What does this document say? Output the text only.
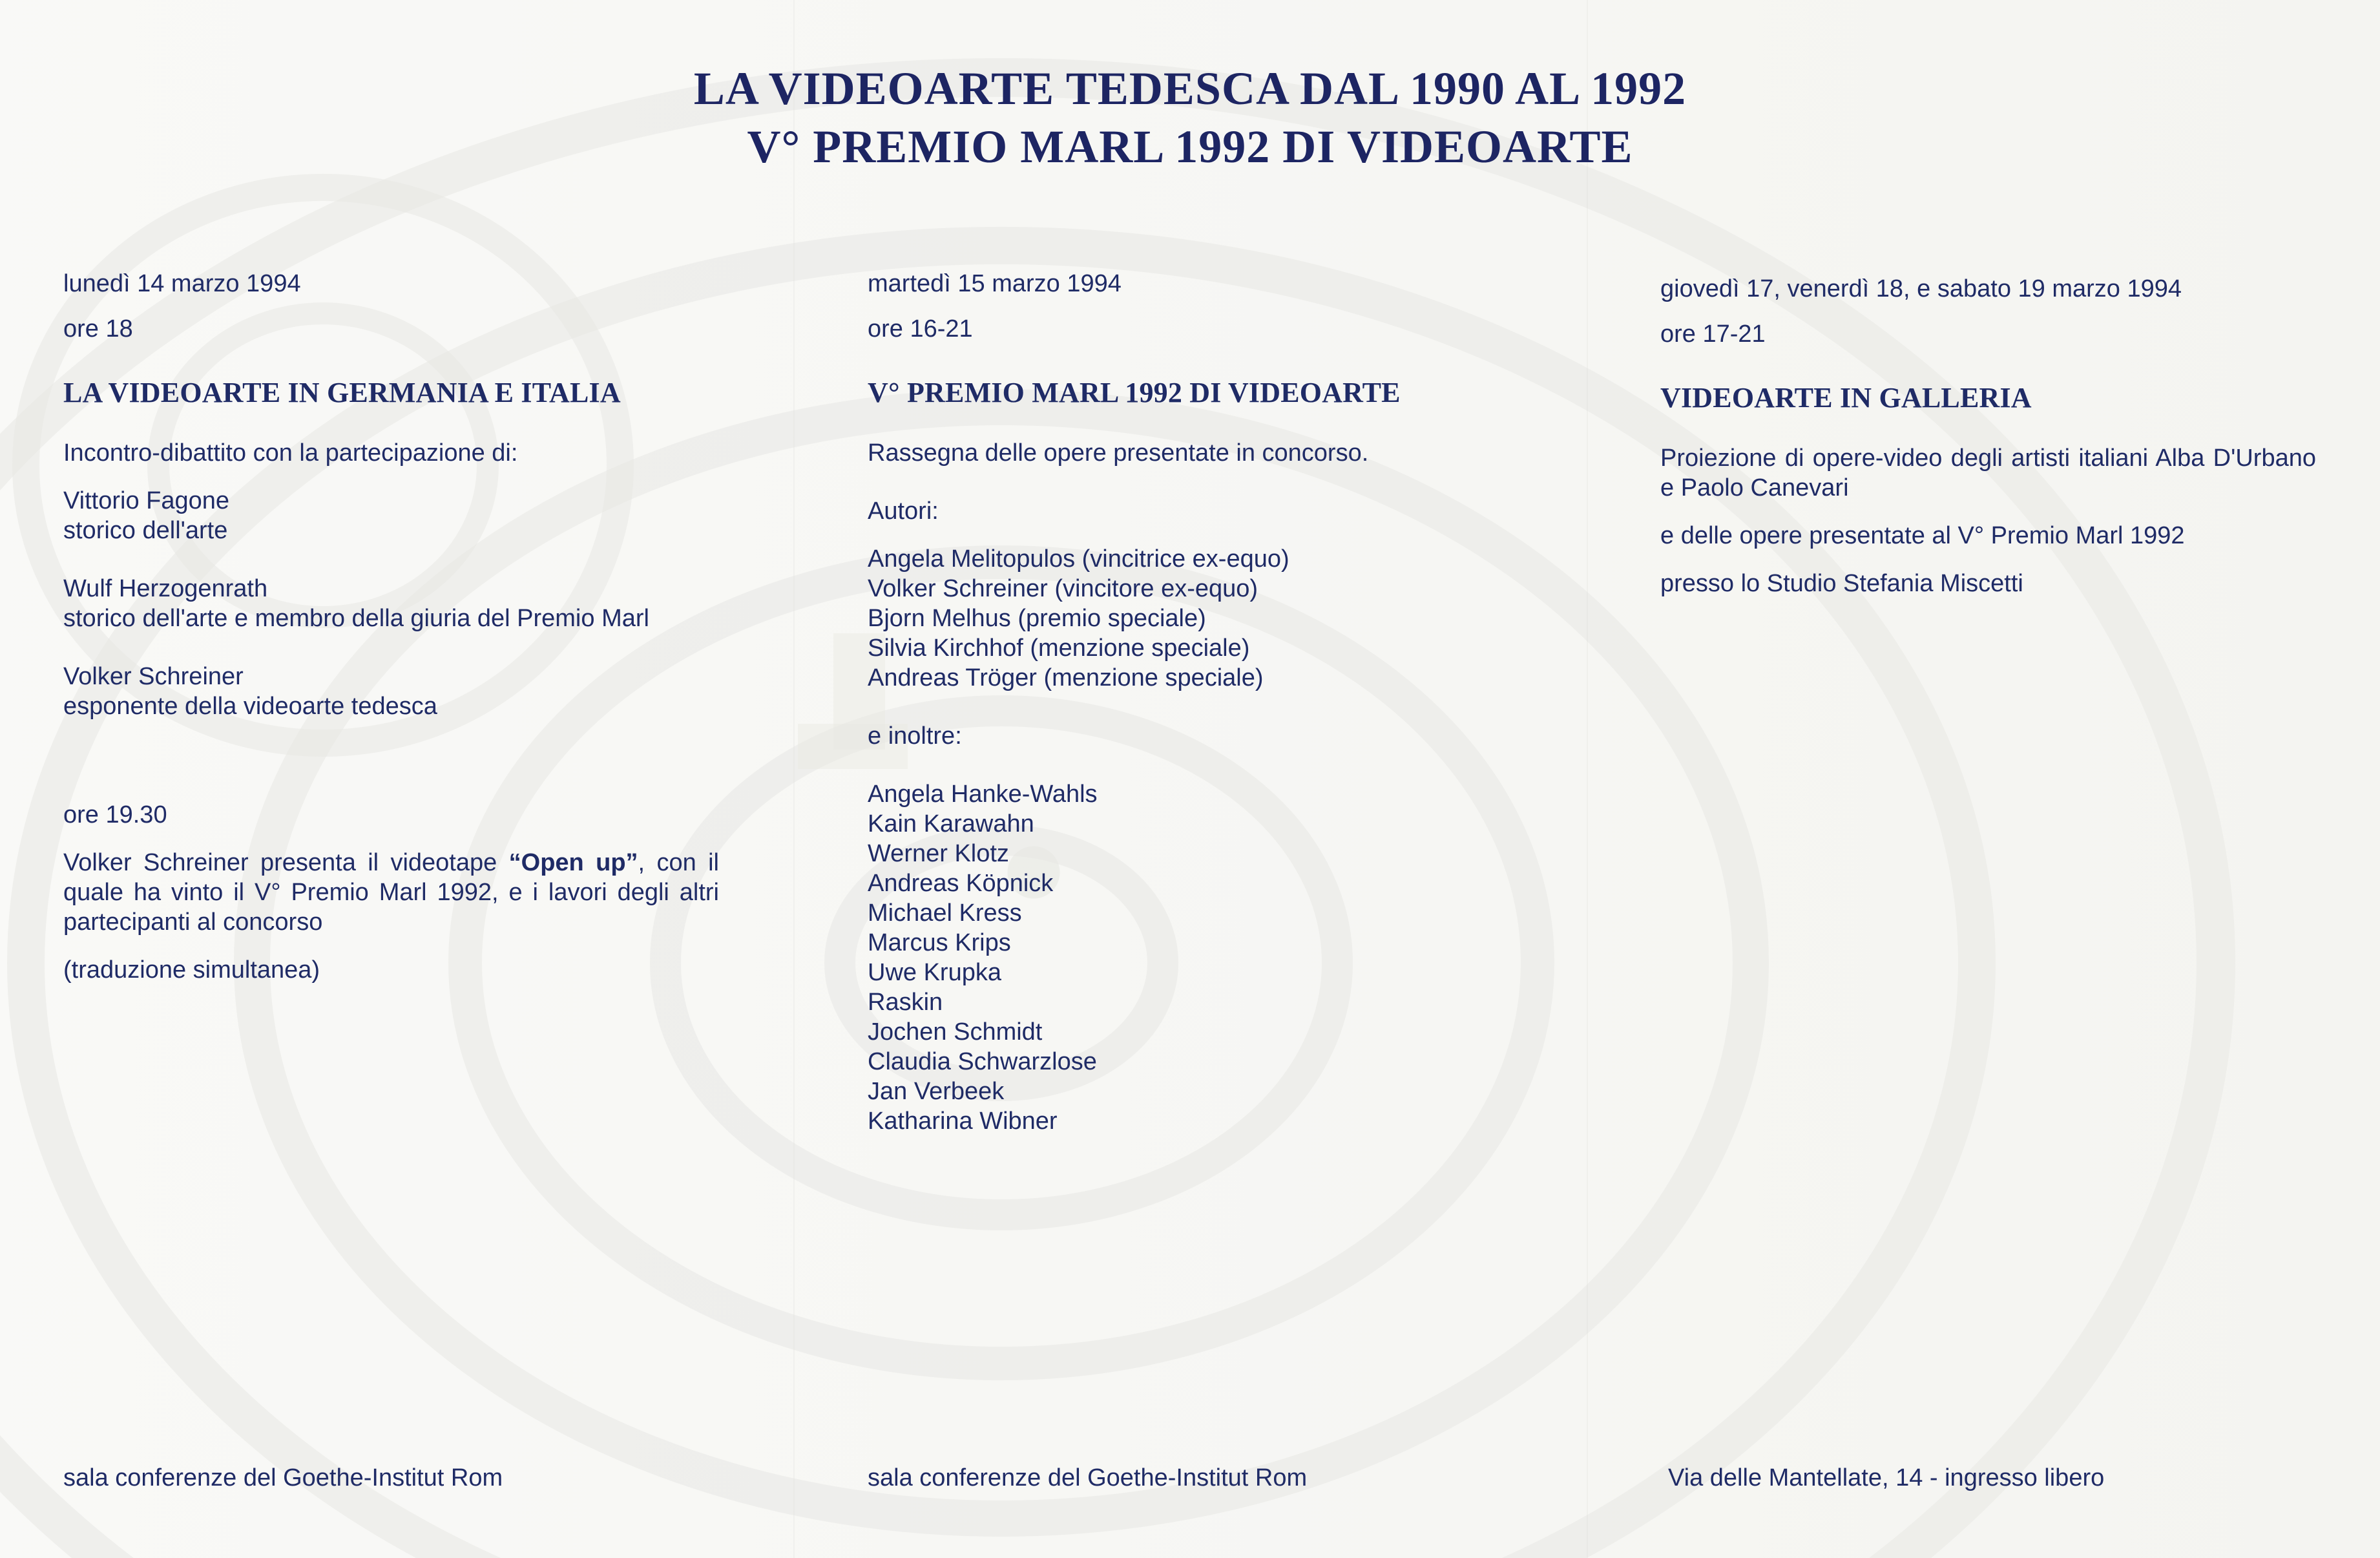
LA VIDEOARTE TEDESCA DAL 1990 AL 1992
V° PREMIO MARL 1992 DI VIDEOARTE
lunedì 14 marzo 1994
ore 18
LA VIDEOARTE IN GERMANIA E ITALIA
Incontro-dibattito con la partecipazione di:
Vittorio Fagone
storico dell'arte
Wulf Herzogenrath
storico dell'arte e membro della giuria del Premio Marl
Volker Schreiner
esponente della videoarte tedesca
ore 19.30
Volker Schreiner presenta il videotape “Open up”, con il quale ha vinto il V° Premio Marl 1992, e i lavori degli altri partecipanti al concorso
(traduzione simultanea)
martedì 15 marzo 1994
ore 16-21
V° PREMIO MARL 1992 DI VIDEOARTE
Rassegna delle opere presentate in concorso.
Autori:
Angela Melitopulos (vincitrice ex-equo)
Volker Schreiner (vincitore ex-equo)
Bjorn Melhus (premio speciale)
Silvia Kirchhof (menzione speciale)
Andreas Tröger (menzione speciale)
e inoltre:
Angela Hanke-Wahls
Kain Karawahn
Werner Klotz
Andreas Köpnick
Michael Kress
Marcus Krips
Uwe Krupka
Raskin
Jochen Schmidt
Claudia Schwarzlose
Jan Verbeek
Katharina Wibner
giovedì 17, venerdì 18, e sabato 19 marzo 1994
ore 17-21
VIDEOARTE IN GALLERIA
Proiezione di opere-video degli artisti italiani Alba D'Urbano e Paolo Canevari
e delle opere presentate al V° Premio Marl 1992
presso lo Studio Stefania Miscetti
sala conferenze del Goethe-Institut Rom	sala conferenze del Goethe-Institut Rom	Via delle Mantellate, 14 - ingresso libero
